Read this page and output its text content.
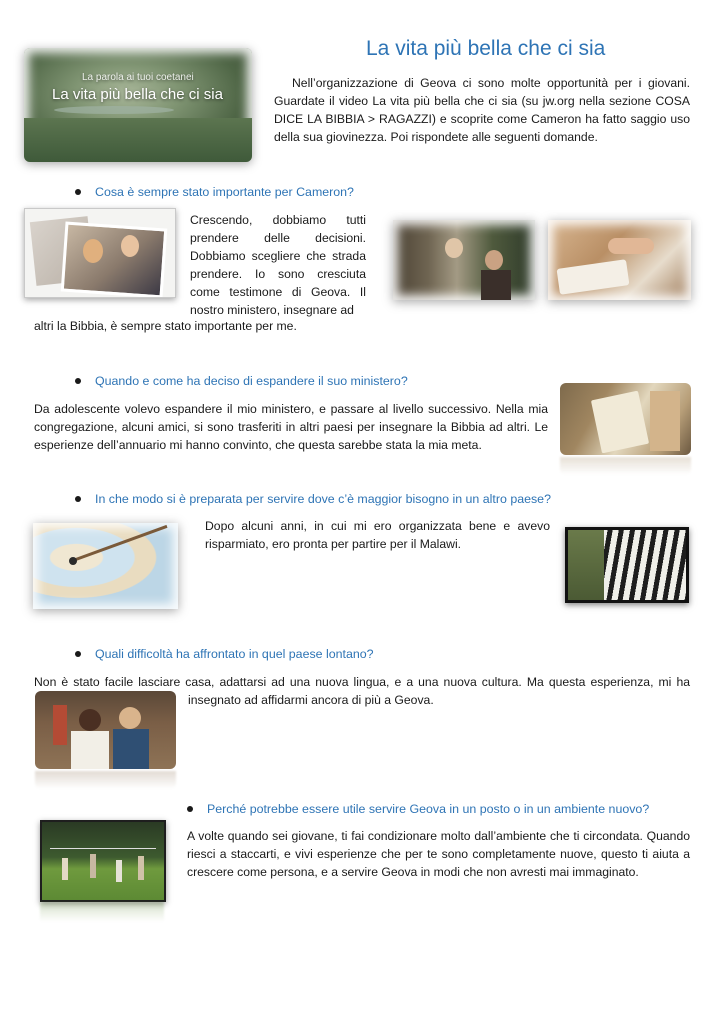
La parola ai tuoi coetanei
La vita più bella che ci sia
La vita più bella che ci sia
Nell’organizzazione di Geova ci sono molte opportunità per i giovani. Guardate il video La vita più bella che ci sia (su jw.org nella sezione COSA DICE LA BIBBIA > RAGAZZI) e scoprite come Cameron ha fatto saggio uso della sua giovinezza. Poi rispondete alle seguenti domande.
Cosa è sempre stato importante per Cameron?
Crescendo, dobbiamo tutti prendere delle decisioni. Dobbiamo scegliere che strada prendere. Io sono cresciuta come testimone di Geova. Il nostro ministero, insegnare ad
altri la Bibbia, è sempre stato importante per me.
Quando e come ha deciso di espandere il suo ministero?
Da adolescente volevo espandere il mio ministero, e passare al livello successivo. Nella mia congregazione, alcuni amici, si sono trasferiti in altri paesi per insegnare la Bibbia ad altri. Le esperienze dell’annuario mi hanno convinto, che questa sarebbe stata la mia meta.
In che modo si è preparata per servire dove c’è maggior bisogno in un altro paese?
Dopo alcuni anni, in cui mi ero organizzata bene e avevo risparmiato, ero pronta per partire per il Malawi.
Quali difficoltà ha affrontato in quel paese lontano?
Non è stato facile lasciare casa, adattarsi ad una nuova lingua, e a una nuova cultura. Ma questa esperienza, mi ha
insegnato ad affidarmi ancora di più a Geova.
Perché potrebbe essere utile servire Geova in un posto o in un ambiente nuovo?
A volte quando sei giovane, ti fai condizionare molto dall’ambiente che ti circondata. Quando riesci a staccarti, e vivi esperienze che per te sono completamente nuove, questo ti aiuta a crescere come persona, e a servire Geova in modi che non avresti mai immaginato.
